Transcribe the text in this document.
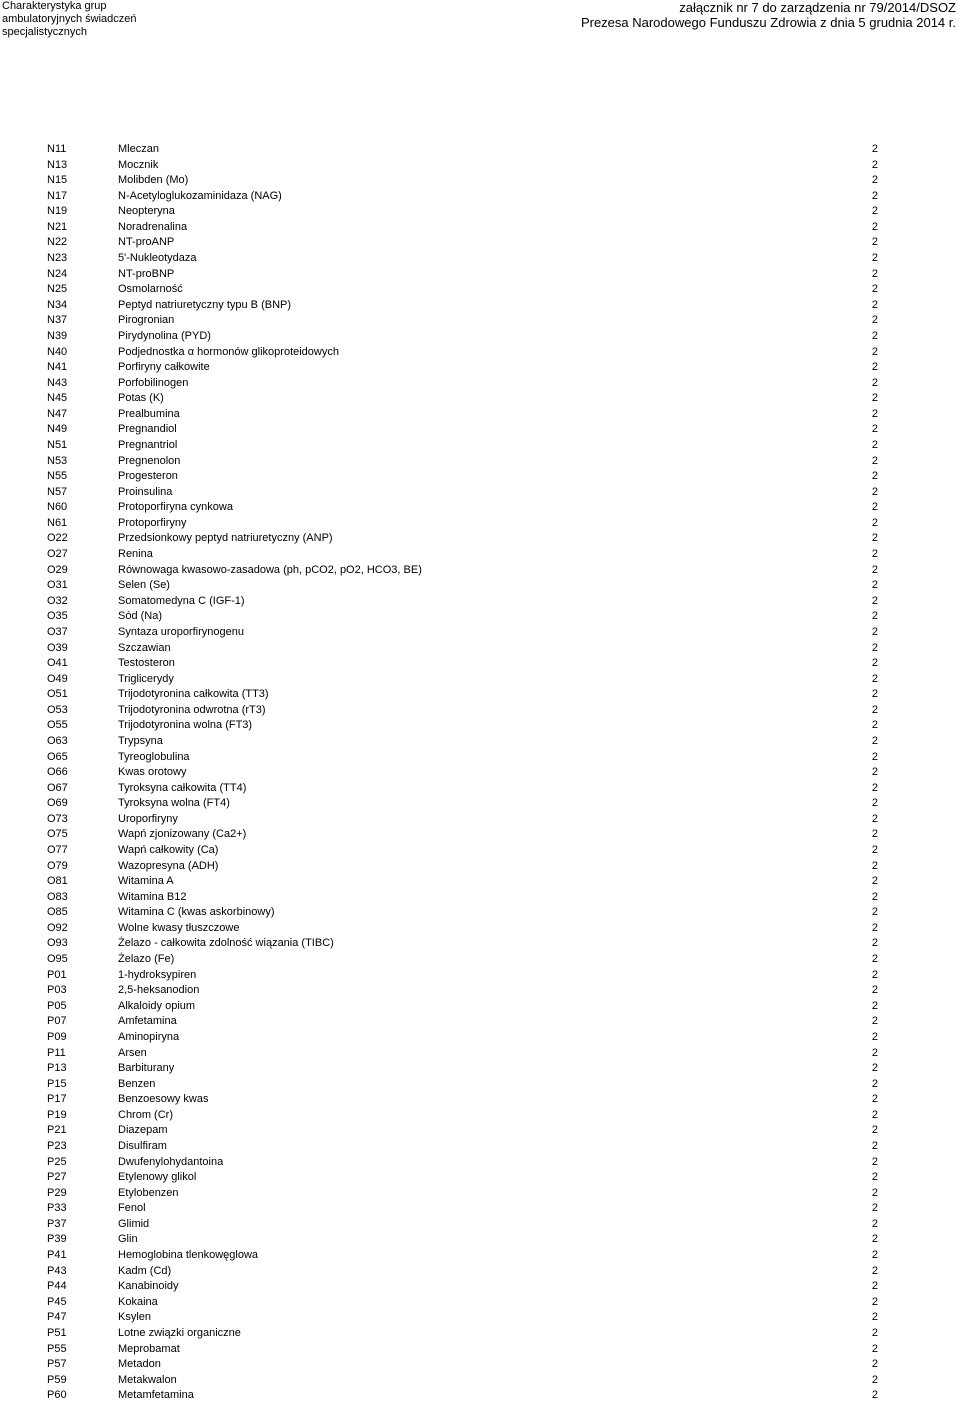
Charakterystyka grup
ambulatoryjnych świadczeń
specjalistycznych
załącznik nr 7 do zarządzenia nr 79/2014/DSOZ
Prezesa Narodowego Funduszu Zdrowia z dnia 5 grudnia 2014 r.
N11	Mleczan	2
N13	Mocznik	2
N15	Molibden (Mo)	2
N17	N-Acetyloglukozaminidaza (NAG)	2
N19	Neopteryna	2
N21	Noradrenalina	2
N22	NT-proANP	2
N23	5'-Nukleotydaza	2
N24	NT-proBNP	2
N25	Osmolarność	2
N34	Peptyd natriuretyczny typu B (BNP)	2
N37	Pirogronian	2
N39	Pirydynolina (PYD)	2
N40	Podjednostka α hormonów glikoproteidowych	2
N41	Porfiryny całkowite	2
N43	Porfobilinogen	2
N45	Potas (K)	2
N47	Prealbumina	2
N49	Pregnandiol	2
N51	Pregnantriol	2
N53	Pregnenolon	2
N55	Progesteron	2
N57	Proinsulina	2
N60	Protoporfiryna cynkowa	2
N61	Protoporfiryny	2
O22	Przedsionkowy peptyd natriuretyczny (ANP)	2
O27	Renina	2
O29	Równowaga kwasowo-zasadowa (ph, pCO2, pO2, HCO3, BE)	2
O31	Selen (Se)	2
O32	Somatomedyna C (IGF-1)	2
O35	Sód (Na)	2
O37	Syntaza uroporfirynogenu	2
O39	Szczawian	2
O41	Testosteron	2
O49	Triglicerydy	2
O51	Trijodotyronina całkowita (TT3)	2
O53	Trijodotyronina odwrotna (rT3)	2
O55	Trijodotyronina wolna (FT3)	2
O63	Trypsyna	2
O65	Tyreoglobulina	2
O66	Kwas orotowy	2
O67	Tyroksyna całkowita (TT4)	2
O69	Tyroksyna wolna (FT4)	2
O73	Uroporfiryny	2
O75	Wapń zjonizowany (Ca2+)	2
O77	Wapń całkowity (Ca)	2
O79	Wazopresyna (ADH)	2
O81	Witamina A	2
O83	Witamina B12	2
O85	Witamina C (kwas askorbinowy)	2
O92	Wolne kwasy tłuszczowe	2
O93	Żelazo - całkowita zdolność wiązania (TIBC)	2
O95	Żelazo (Fe)	2
P01	1-hydroksypiren	2
P03	2,5-heksanodion	2
P05	Alkaloidy opium	2
P07	Amfetamina	2
P09	Aminopiryna	2
P11	Arsen	2
P13	Barbiturany	2
P15	Benzen	2
P17	Benzoesowy kwas	2
P19	Chrom (Cr)	2
P21	Diazepam	2
P23	Disulfiram	2
P25	Dwufenylohydantoina	2
P27	Etylenowy glikol	2
P29	Etylobenzen	2
P33	Fenol	2
P37	Glimid	2
P39	Glin	2
P41	Hemoglobina tlenkowęglowa	2
P43	Kadm (Cd)	2
P44	Kanabinoidy	2
P45	Kokaina	2
P47	Ksylen	2
P51	Lotne związki organiczne	2
P55	Meprobamat	2
P57	Metadon	2
P59	Metakwalon	2
P60	Metamfetamina	2
